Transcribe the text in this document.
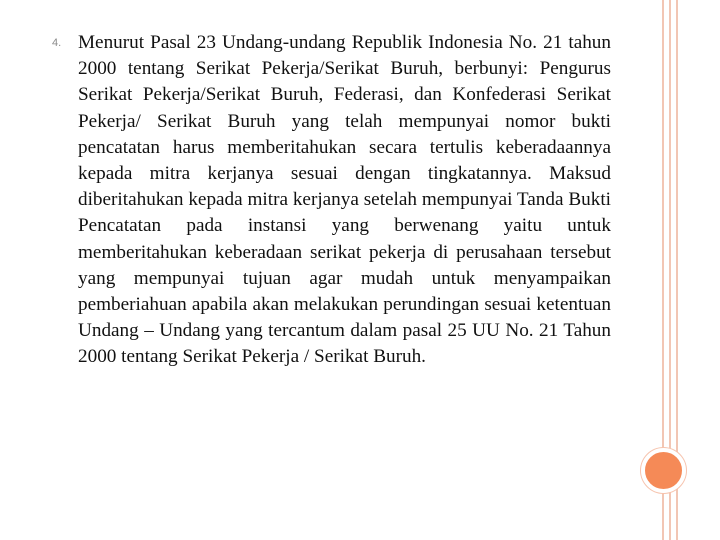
4. Menurut Pasal 23 Undang-undang Republik Indonesia No. 21 tahun 2000 tentang Serikat Pekerja/Serikat Buruh, berbunyi: Pengurus Serikat Pekerja/Serikat Buruh, Federasi, dan Konfederasi Serikat Pekerja/ Serikat Buruh yang telah mempunyai nomor bukti pencatatan harus memberitahukan secara tertulis keberadaannya kepada mitra kerjanya sesuai dengan tingkatannya. Maksud diberitahukan kepada mitra kerjanya setelah mempunyai Tanda Bukti Pencatatan pada instansi yang berwenang yaitu untuk memberitahukan keberadaan serikat pekerja di perusahaan tersebut yang mempunyai tujuan agar mudah untuk menyampaikan pemberiahuan apabila akan melakukan perundingan sesuai ketentuan Undang – Undang yang tercantum dalam pasal 25 UU No. 21 Tahun 2000 tentang Serikat Pekerja / Serikat Buruh.
